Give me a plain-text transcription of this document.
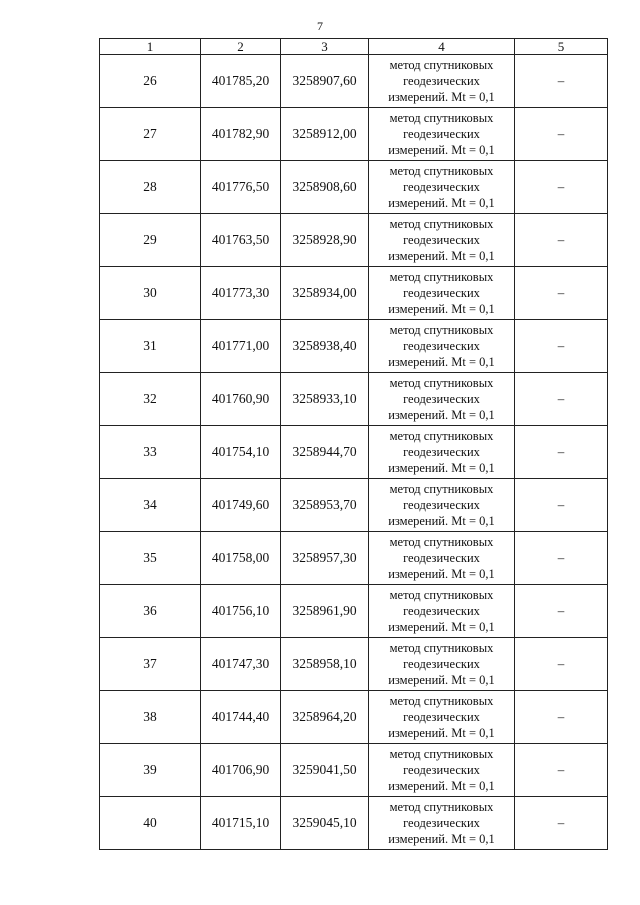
7
1	2	3	4	5
26	401785,20	3258907,60	метод спутниковых
геодезических
измерений. Mt = 0,1	–
27	401782,90	3258912,00	метод спутниковых
геодезических
измерений. Mt = 0,1	–
28	401776,50	3258908,60	метод спутниковых
геодезических
измерений. Mt = 0,1	–
29	401763,50	3258928,90	метод спутниковых
геодезических
измерений. Mt = 0,1	–
30	401773,30	3258934,00	метод спутниковых
геодезических
измерений. Mt = 0,1	–
31	401771,00	3258938,40	метод спутниковых
геодезических
измерений. Mt = 0,1	–
32	401760,90	3258933,10	метод спутниковых
геодезических
измерений. Mt = 0,1	–
33	401754,10	3258944,70	метод спутниковых
геодезических
измерений. Mt = 0,1	–
34	401749,60	3258953,70	метод спутниковых
геодезических
измерений. Mt = 0,1	–
35	401758,00	3258957,30	метод спутниковых
геодезических
измерений. Mt = 0,1	–
36	401756,10	3258961,90	метод спутниковых
геодезических
измерений. Mt = 0,1	–
37	401747,30	3258958,10	метод спутниковых
геодезических
измерений. Mt = 0,1	–
38	401744,40	3258964,20	метод спутниковых
геодезических
измерений. Mt = 0,1	–
39	401706,90	3259041,50	метод спутниковых
геодезических
измерений. Mt = 0,1	–
40	401715,10	3259045,10	метод спутниковых
геодезических
измерений. Mt = 0,1	–
